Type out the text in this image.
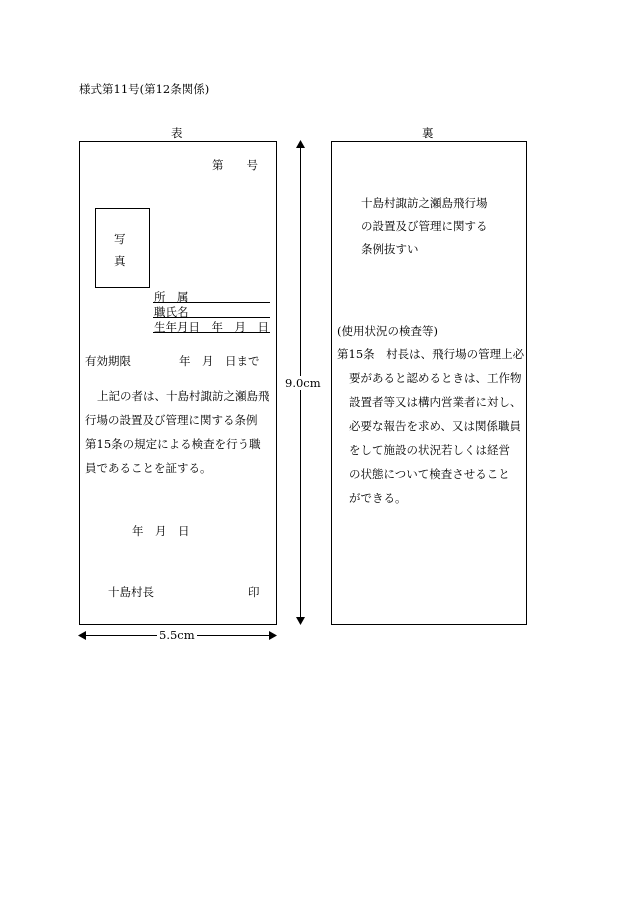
様式第11号(第12条関係)
表	裏
第　　号
写
真
所　属
職氏名
生年月日　年　月　日
有効期限	年　月　日まで
上記の者は、十島村諏訪之瀬島飛
行場の設置及び管理に関する条例
第15条の規定による検査を行う職
員であることを証する。
年　月　日
十島村長	印
9.0cm
5.5cm
十島村諏訪之瀬島飛行場
の設置及び管理に関する
条例抜すい
(使用状況の検査等)
第15条　村長は、飛行場の管理上必
要があると認めるときは、工作物
設置者等又は構内営業者に対し、
必要な報告を求め、又は関係職員
をして施設の状況若しくは経営
の状態について検査させること
ができる。
